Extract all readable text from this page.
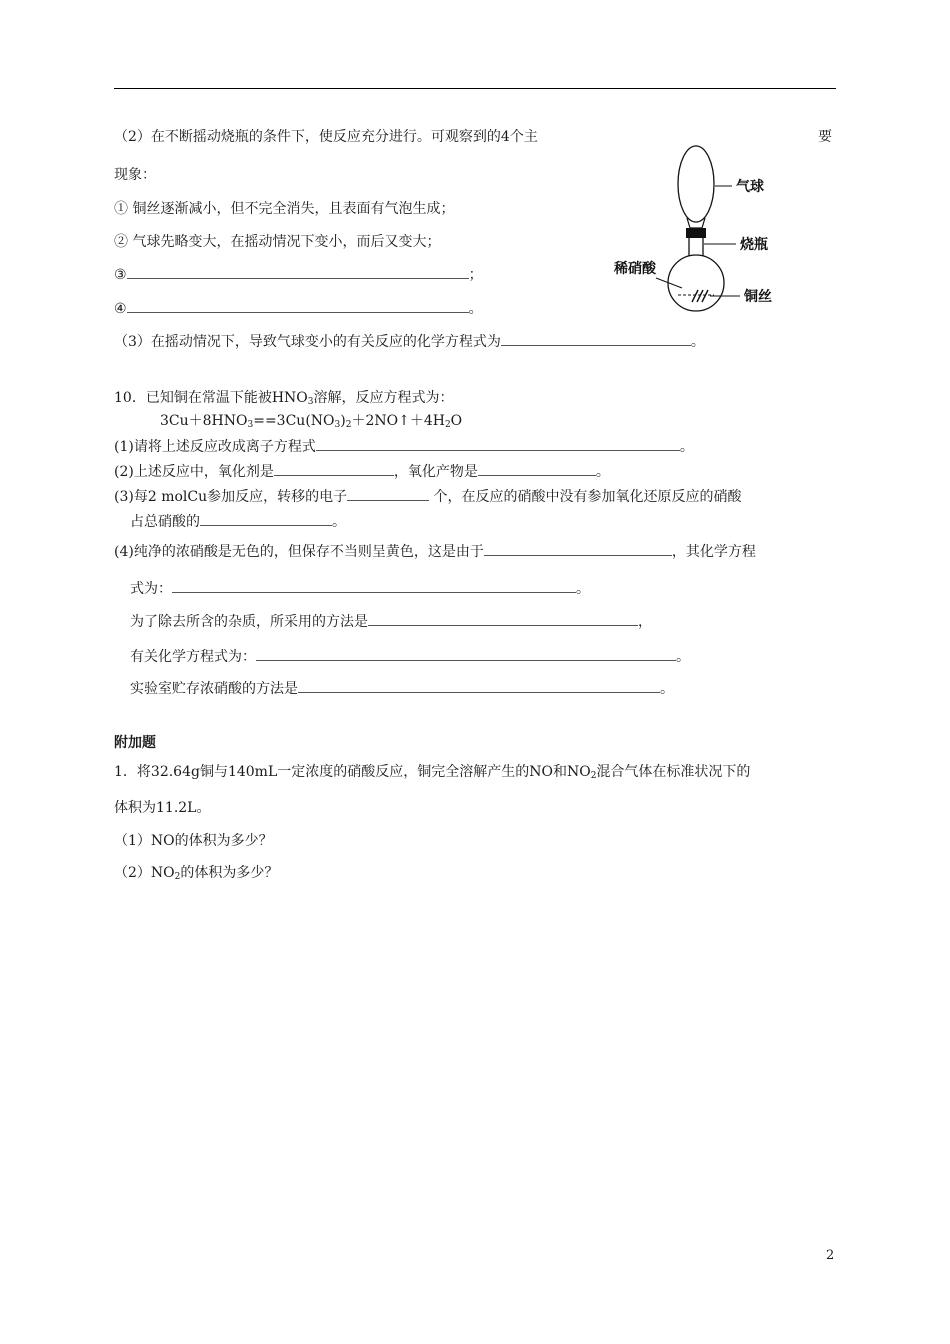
（2）在不断摇动烧瓶的条件下，使反应充分进行。可观察到的4个主	要
现象：
① 铜丝逐渐减小，但不完全消失，且表面有气泡生成；
② 气球先略变大，在摇动情况下变小，而后又变大；
③	；
④	。
（3）在摇动情况下，导致气球变小的有关反应的化学方程式为	。
气球
烧瓶
稀硝酸
铜丝
10．已知铜在常温下能被$HNO_3$溶解，反应方程式为：
$3Cu+8HNO_3==3Cu(NO_3)_2+2NO↑+4H_2O$
(1)请将上述反应改成离子方程式	。
(2)上述反应中，氧化剂是	，氧化产物是	。
(3)每2 molCu参加反应，转移的电子	个，在反应的硝酸中没有参加氧化还原反应的硝酸
占总硝酸的	。
(4)纯净的浓硝酸是无色的，但保存不当则呈黄色，这是由于	，其化学方程
式为：	。
为了除去所含的杂质，所采用的方法是	，
有关化学方程式为：	。
实验室贮存浓硝酸的方法是	。
附加题
1．将32.64g铜与140mL一定浓度的硝酸反应，铜完全溶解产生的NO和$NO_2$混合气体在标准状况下的
体积为11.2L。
（1）NO的体积为多少？
$(2)NO_2$的体积为多少？
2
